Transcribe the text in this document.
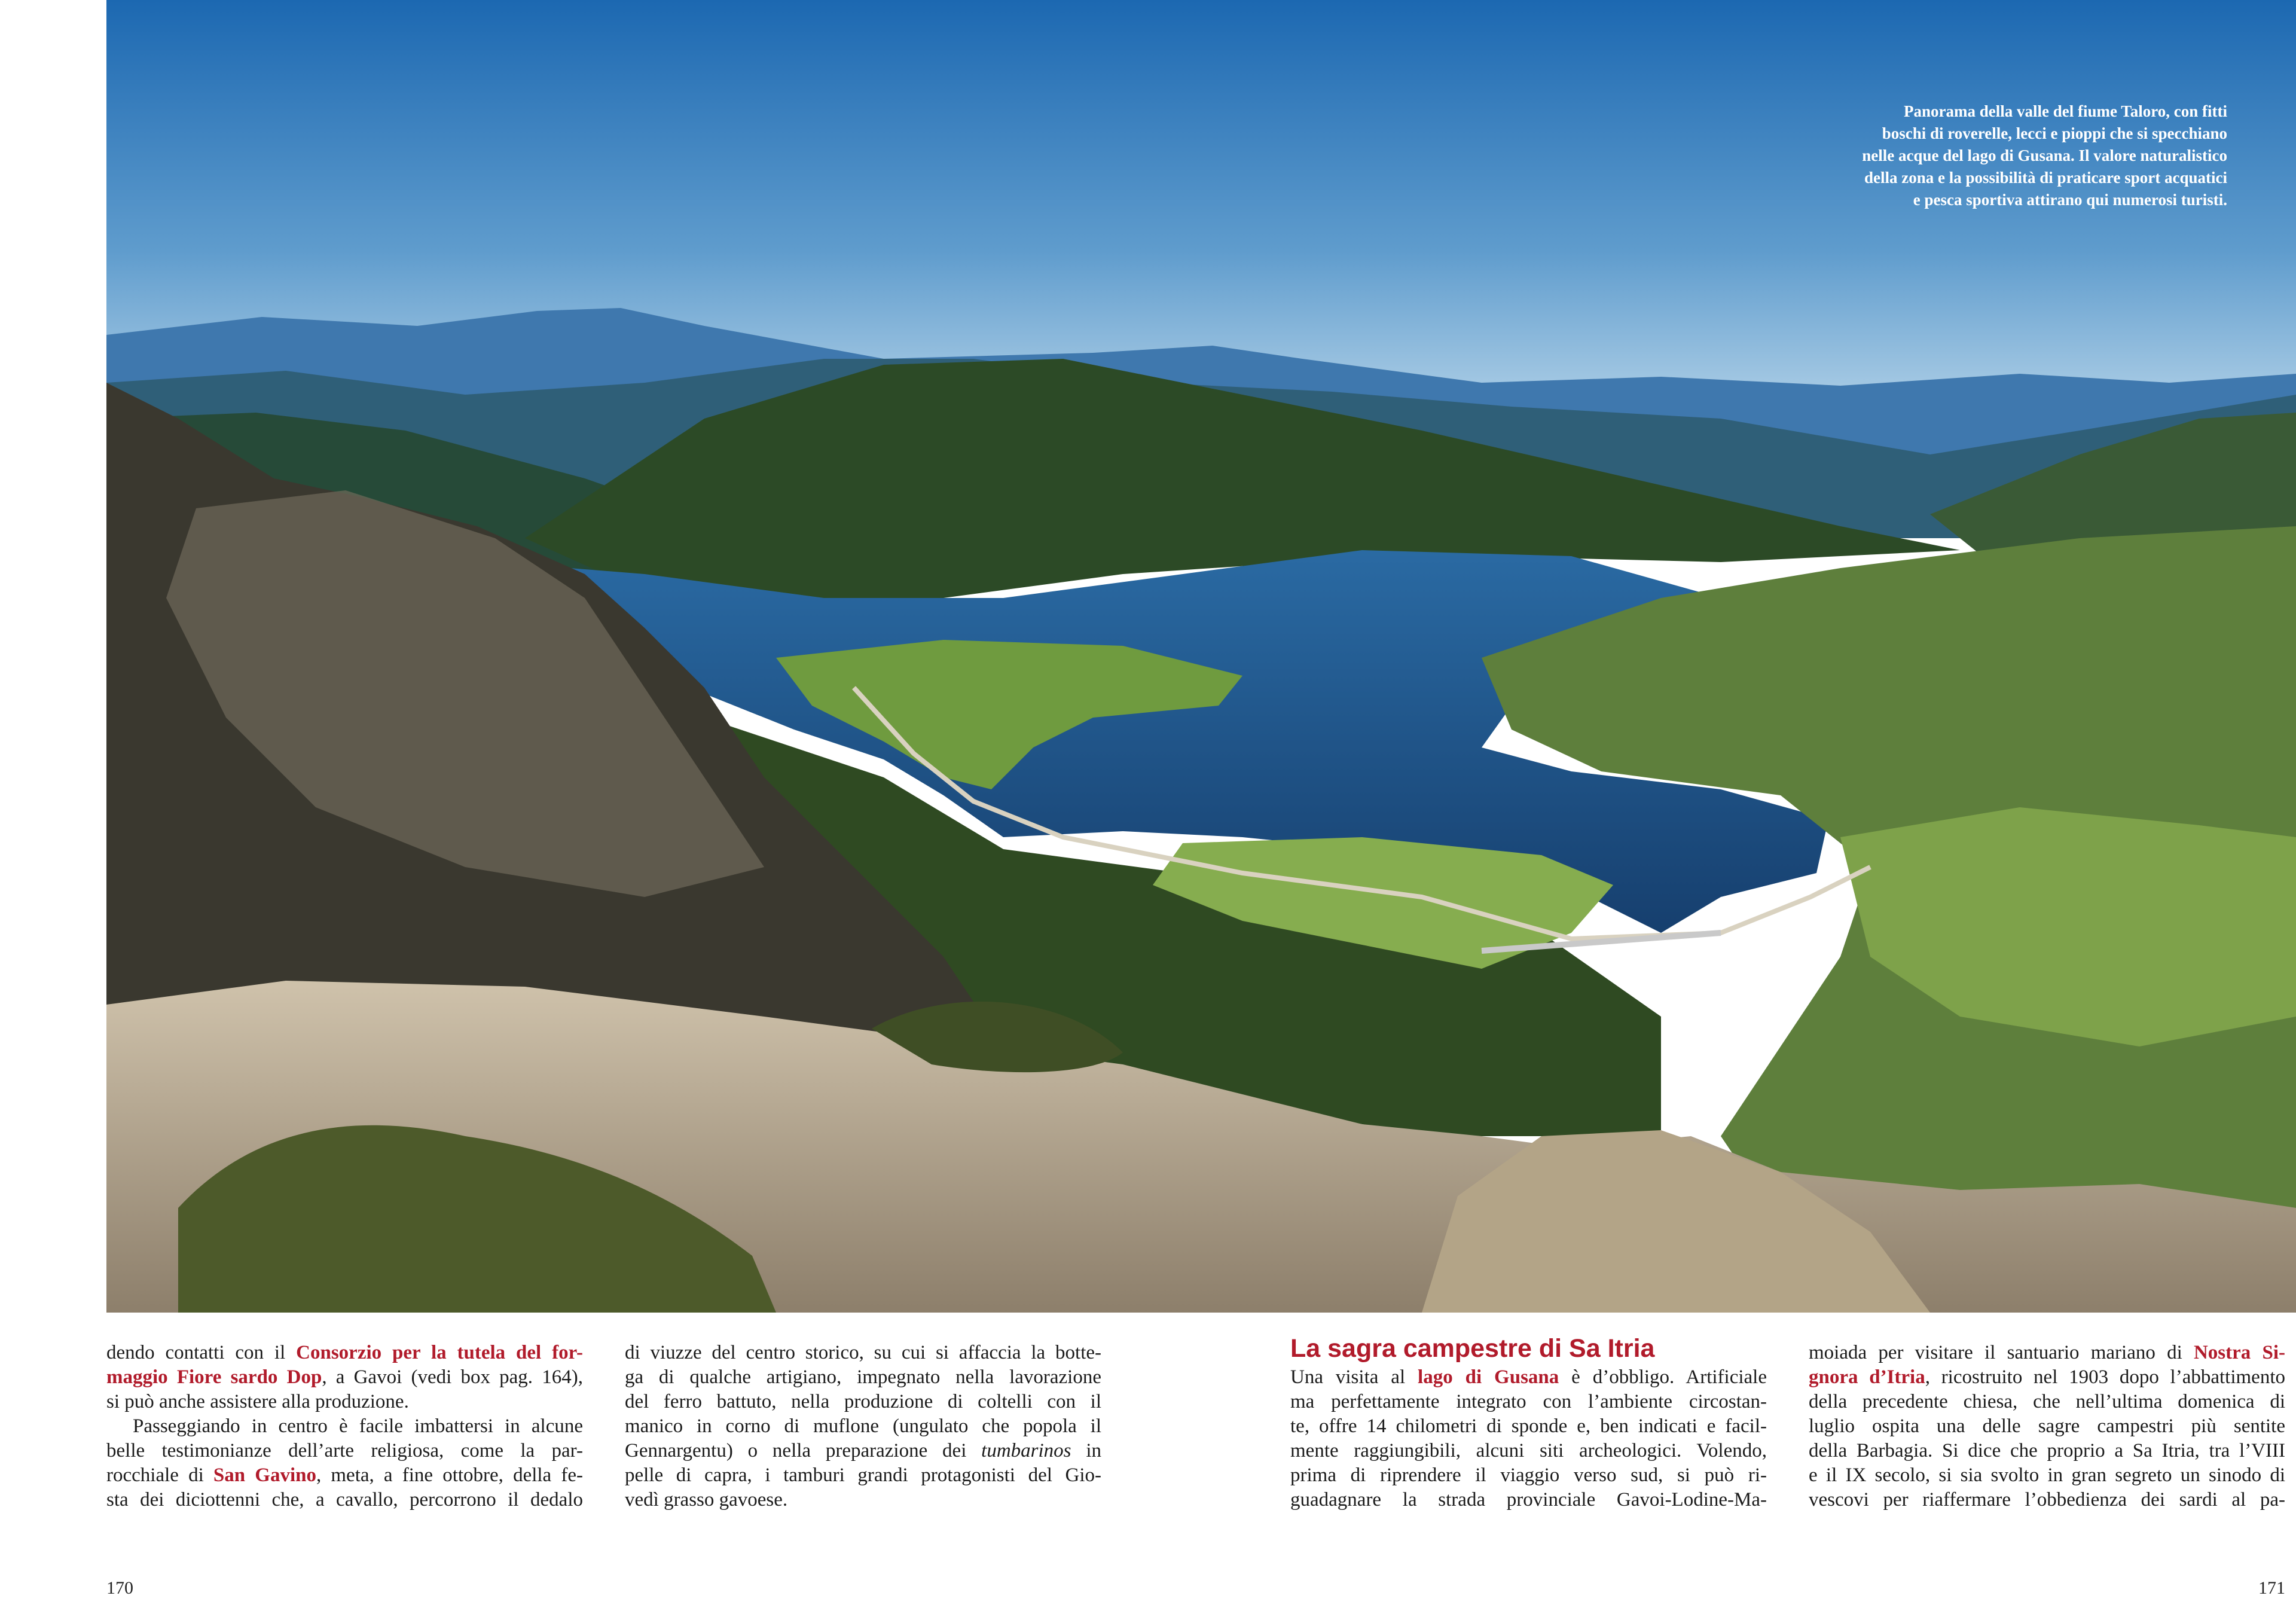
Panorama della valle del fiume Taloro, con fitti
boschi di roverelle, lecci e pioppi che si specchiano
nelle acque del lago di Gusana. Il valore naturalistico
della zona e la possibilità di praticare sport acquatici
e pesca sportiva attirano qui numerosi turisti.
dendo contatti con il Consorzio per la tutela del for-
maggio Fiore sardo Dop, a Gavoi (vedi box pag. 164),
si può anche assistere alla produzione.
Passeggiando in centro è facile imbattersi in alcune
belle testimonianze dell’arte religiosa, come la par-
rocchiale di San Gavino, meta, a fine ottobre, della fe-
sta dei diciottenni che, a cavallo, percorrono il dedalo
di viuzze del centro storico, su cui si affaccia la botte-
ga di qualche artigiano, impegnato nella lavorazione
del ferro battuto, nella produzione di coltelli con il
manico in corno di muflone (ungulato che popola il
Gennargentu) o nella preparazione dei tumbarinos in
pelle di capra, i tamburi grandi protagonisti del Gio-
vedì grasso gavoese.
La sagra campestre di Sa Itria
Una visita al lago di Gusana è d’obbligo. Artificiale
ma perfettamente integrato con l’ambiente circostan-
te, offre 14 chilometri di sponde e, ben indicati e facil-
mente raggiungibili, alcuni siti archeologici. Volendo,
prima di riprendere il viaggio verso sud, si può ri-
guadagnare la strada provinciale Gavoi-Lodine-Ma-
moiada per visitare il santuario mariano di Nostra Si-
gnora d’Itria, ricostruito nel 1903 dopo l’abbattimento
della precedente chiesa, che nell’ultima domenica di
luglio ospita una delle sagre campestri più sentite
della Barbagia. Si dice che proprio a Sa Itria, tra l’VIII
e il IX secolo, si sia svolto in gran segreto un sinodo di
vescovi per riaffermare l’obbedienza dei sardi al pa-
170	171
